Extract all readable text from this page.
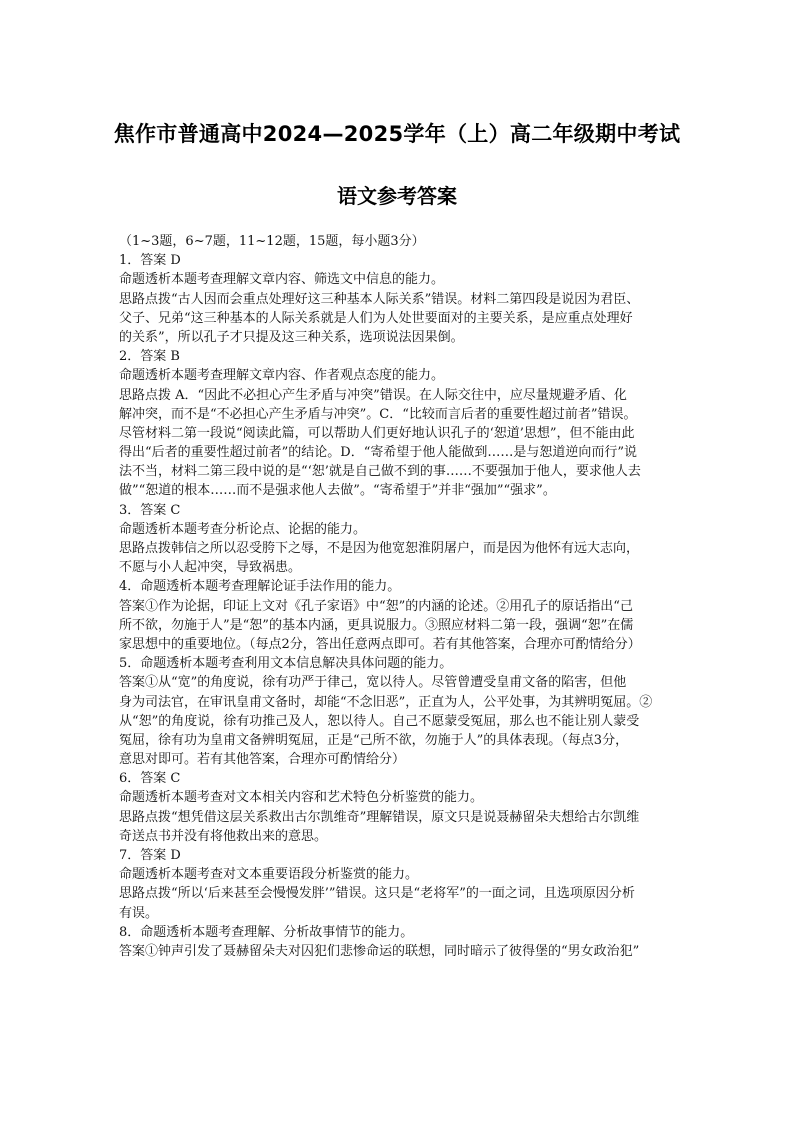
焦作市普通高中2024—2025学年（上）高二年级期中考试
语文参考答案
（1~3题，6~7题，11~12题，15题，每小题3分）
1．答案 D
命题透析本题考查理解文章内容、筛选文中信息的能力。
思路点拨“古人因而会重点处理好这三种基本人际关系”错误。材料二第四段是说因为君臣、
父子、兄弟“这三种基本的人际关系就是人们为人处世要面对的主要关系，是应重点处理好
的关系”，所以孔子才只提及这三种关系，选项说法因果倒。
2．答案 B
命题透析本题考查理解文章内容、作者观点态度的能力。
思路点拨 A．“因此不必担心产生矛盾与冲突”错误。在人际交往中，应尽量规避矛盾、化
解冲突，而不是“不必担心产生矛盾与冲突”。C．“比较而言后者的重要性超过前者”错误。
尽管材料二第一段说“阅读此篇，可以帮助人们更好地认识孔子的‘恕道’思想”，但不能由此
得出“后者的重要性超过前者”的结论。D．“寄希望于他人能做到……是与恕道逆向而行”说
法不当，材料二第三段中说的是“‘恕’就是自己做不到的事……不要强加于他人，要求他人去
做”“恕道的根本……而不是强求他人去做”。“寄希望于”并非“强加”“强求”。
3．答案 C
命题透析本题考查分析论点、论据的能力。
思路点拨韩信之所以忍受胯下之辱，不是因为他宽恕淮阴屠户，而是因为他怀有远大志向，
不愿与小人起冲突，导致祸患。
4．命题透析本题考查理解论证手法作用的能力。
答案①作为论据，印证上文对《孔子家语》中“恕”的内涵的论述。②用孔子的原话指出“己
所不欲，勿施于人”是“恕”的基本内涵，更具说服力。③照应材料二第一段，强调“恕”在儒
家思想中的重要地位。（每点2分，答出任意两点即可。若有其他答案，合理亦可酌情给分）
5．命题透析本题考查利用文本信息解决具体问题的能力。
答案①从“宽”的角度说，徐有功严于律己，宽以待人。尽管曾遭受皇甫文备的陷害，但他
身为司法官，在审讯皇甫文备时，却能“不念旧恶”，正直为人，公平处事，为其辨明冤屈。②
从“恕”的角度说，徐有功推己及人，恕以待人。自己不愿蒙受冤屈，那么也不能让别人蒙受
冤屈，徐有功为皇甫文备辨明冤屈，正是“己所不欲，勿施于人”的具体表现。（每点3分，
意思对即可。若有其他答案，合理亦可酌情给分）
6．答案 C
命题透析本题考查对文本相关内容和艺术特色分析鉴赏的能力。
思路点拨“想凭借这层关系救出古尔凯维奇”理解错误，原文只是说聂赫留朵夫想给古尔凯维
奇送点书并没有将他救出来的意思。
7．答案 D
命题透析本题考查对文本重要语段分析鉴赏的能力。
思路点拨“所以‘后来甚至会慢慢发胖’”错误。这只是“老将军”的一面之词，且选项原因分析
有误。
8．命题透析本题考查理解、分析故事情节的能力。
答案①钟声引发了聂赫留朵夫对囚犯们悲惨命运的联想，同时暗示了彼得堡的“男女政治犯”
